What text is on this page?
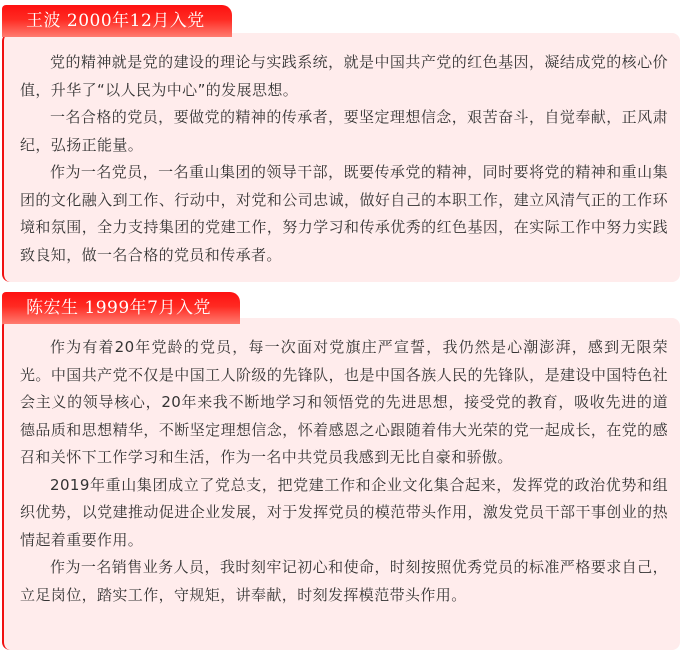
王波 2000年12月入党

党的精神就是党的建设的理论与实践系统，就是中国共产党的红色基因，凝结成党的核心价值，升华了“以人民为中心”的发展思想。

一名合格的党员，要做党的精神的传承者，要坚定理想信念，艰苦奋斗，自觉奉献，正风肃纪，弘扬正能量。

作为一名党员，一名重山集团的领导干部，既要传承党的精神，同时要将党的精神和重山集团的文化融入到工作、行动中，对党和公司忠诚，做好自己的本职工作，建立风清气正的工作环境和氛围，全力支持集团的党建工作，努力学习和传承优秀的红色基因，在实际工作中努力实践致良知，做一名合格的党员和传承者。

陈宏生 1999年7月入党

作为有着20年党龄的党员，每一次面对党旗庄严宣誓，我仍然是心潮澎湃，感到无限荣光。中国共产党不仅是中国工人阶级的先锋队，也是中国各族人民的先锋队，是建设中国特色社会主义的领导核心，20年来我不断地学习和领悟党的先进思想，接受党的教育，吸收先进的道德品质和思想精华，不断坚定理想信念，怀着感恩之心跟随着伟大光荣的党一起成长，在党的感召和关怀下工作学习和生活，作为一名中共党员我感到无比自豪和骄傲。

2019年重山集团成立了党总支，把党建工作和企业文化集合起来，发挥党的政治优势和组织优势，以党建推动促进企业发展，对于发挥党员的模范带头作用，激发党员干部干事创业的热情起着重要作用。

作为一名销售业务人员，我时刻牢记初心和使命，时刻按照优秀党员的标准严格要求自己，立足岗位，踏实工作，守规矩，讲奉献，时刻发挥模范带头作用。
